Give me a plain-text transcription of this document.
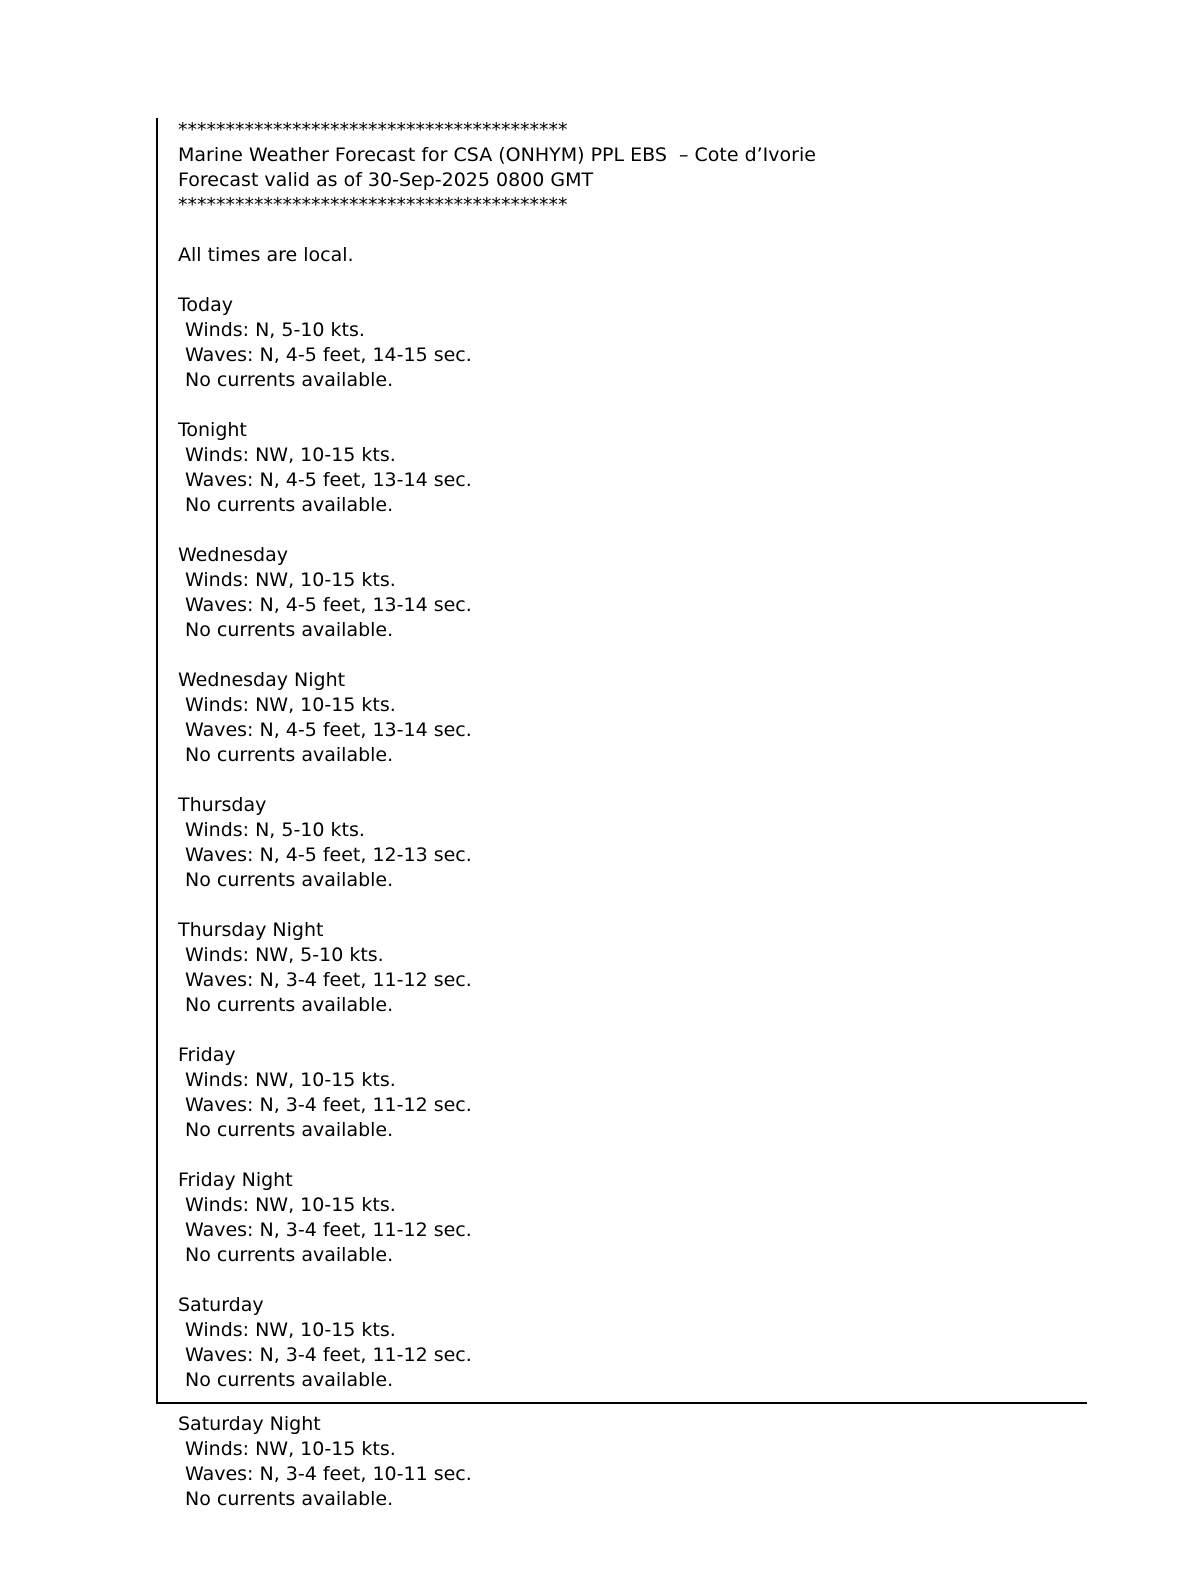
*****************************************
Marine Weather Forecast for CSA (ONHYM) PPL EBS  – Cote d’Ivorie
Forecast valid as of 30-Sep-2025 0800 GMT
*****************************************
All times are local.
Today
Winds: N, 5-10 kts.
Waves: N, 4-5 feet, 14-15 sec.
No currents available.
Tonight
Winds: NW, 10-15 kts.
Waves: N, 4-5 feet, 13-14 sec.
No currents available.
Wednesday
Winds: NW, 10-15 kts.
Waves: N, 4-5 feet, 13-14 sec.
No currents available.
Wednesday Night
Winds: NW, 10-15 kts.
Waves: N, 4-5 feet, 13-14 sec.
No currents available.
Thursday
Winds: N, 5-10 kts.
Waves: N, 4-5 feet, 12-13 sec.
No currents available.
Thursday Night
Winds: NW, 5-10 kts.
Waves: N, 3-4 feet, 11-12 sec.
No currents available.
Friday
Winds: NW, 10-15 kts.
Waves: N, 3-4 feet, 11-12 sec.
No currents available.
Friday Night
Winds: NW, 10-15 kts.
Waves: N, 3-4 feet, 11-12 sec.
No currents available.
Saturday
Winds: NW, 10-15 kts.
Waves: N, 3-4 feet, 11-12 sec.
No currents available.
Saturday Night
Winds: NW, 10-15 kts.
Waves: N, 3-4 feet, 10-11 sec.
No currents available.
